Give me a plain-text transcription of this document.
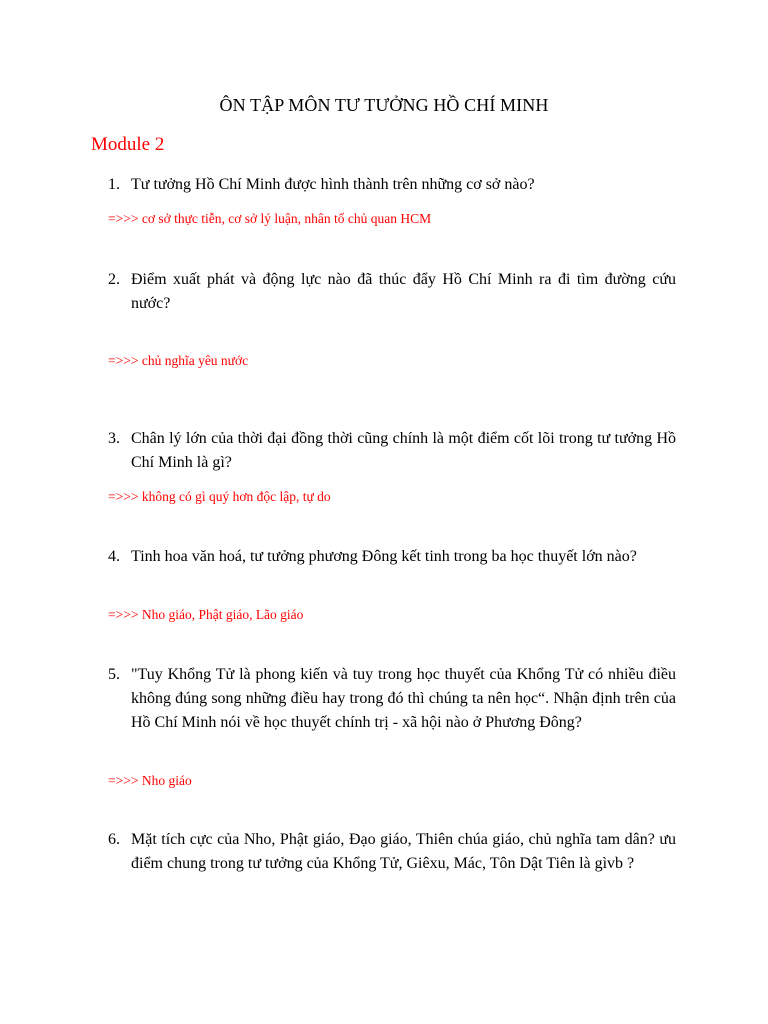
ÔN TẬP MÔN TƯ TƯỞNG HỒ CHÍ MINH
Module 2
1. Tư tưởng Hồ Chí Minh được hình thành trên những cơ sở nào?
=>>> cơ sở thực tiễn, cơ sở lý luận, nhân tố chủ quan HCM
2. Điểm xuất phát và động lực nào đã thúc đẩy Hồ Chí Minh ra đi tìm đường cứu nước?
=>>> chủ nghĩa yêu nước
3. Chân lý lớn của thời đại đồng thời cũng chính là một điểm cốt lõi trong tư tưởng Hồ Chí Minh là gì?
=>>> không có gì quý hơn độc lập, tự do
4. Tinh hoa văn hoá, tư tưởng phương Đông kết tinh trong ba học thuyết lớn nào?
=>>> Nho giáo, Phật giáo, Lão giáo
5. "Tuy Khổng Tử là phong kiến và tuy trong học thuyết của Khổng Tử có nhiều điều không đúng song những điều hay trong đó thì chúng ta nên học“. Nhận định trên của Hồ Chí Minh nói về học thuyết chính trị - xã hội nào ở Phương Đông?
=>>> Nho giáo
6. Mặt tích cực của Nho, Phật giáo, Đạo giáo, Thiên chúa giáo, chủ nghĩa tam dân? ưu điểm chung trong tư tưởng của Khổng Tử, Giêxu, Mác, Tôn Dật Tiên là gìvb ?
